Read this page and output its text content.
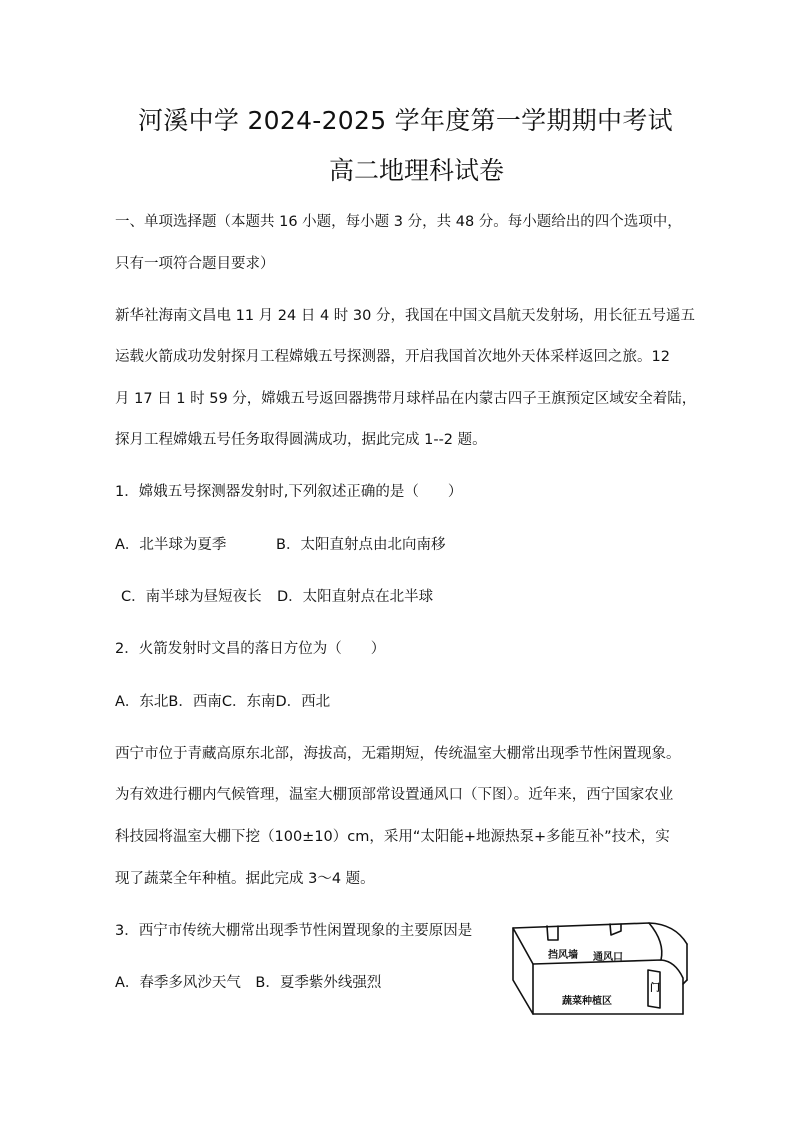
河溪中学 2024-2025 学年度第一学期期中考试
高二地理科试卷
一、单项选择题（本题共 16 小题，每小题 3 分，共 48 分。每小题给出的四个选项中，
只有一项符合题目要求）
新华社海南文昌电 11 月 24 日 4 时 30 分，我国在中国文昌航天发射场，用长征五号遥五
运载火箭成功发射探月工程嫦娥五号探测器，开启我国首次地外天体采样返回之旅。12
月 17 日 1 时 59 分，嫦娥五号返回器携带月球样品在内蒙古四子王旗预定区域安全着陆，
探月工程嫦娥五号任务取得圆满成功，据此完成 1--2 题。
1．嫦娥五号探测器发射时,下列叙述正确的是（　　）
A．北半球为夏季	B．太阳直射点由北向南移
C．南半球为昼短夜长 D．太阳直射点在北半球
2．火箭发射时文昌的落日方位为（　　）
A．东北B．西南C．东南D．西北
西宁市位于青藏高原东北部，海拔高，无霜期短，传统温室大棚常出现季节性闲置现象。
为有效进行棚内气候管理，温室大棚顶部常设置通风口（下图）。近年来，西宁国家农业
科技园将温室大棚下挖（100±10）cm，采用“太阳能+地源热泵+多能互补”技术，实
现了蔬菜全年种植。据此完成 3～4 题。
3．西宁市传统大棚常出现季节性闲置现象的主要原因是
A．春季多风沙天气　B．夏季紫外线强烈
挡风墙 通风口
门
蔬菜种植区
